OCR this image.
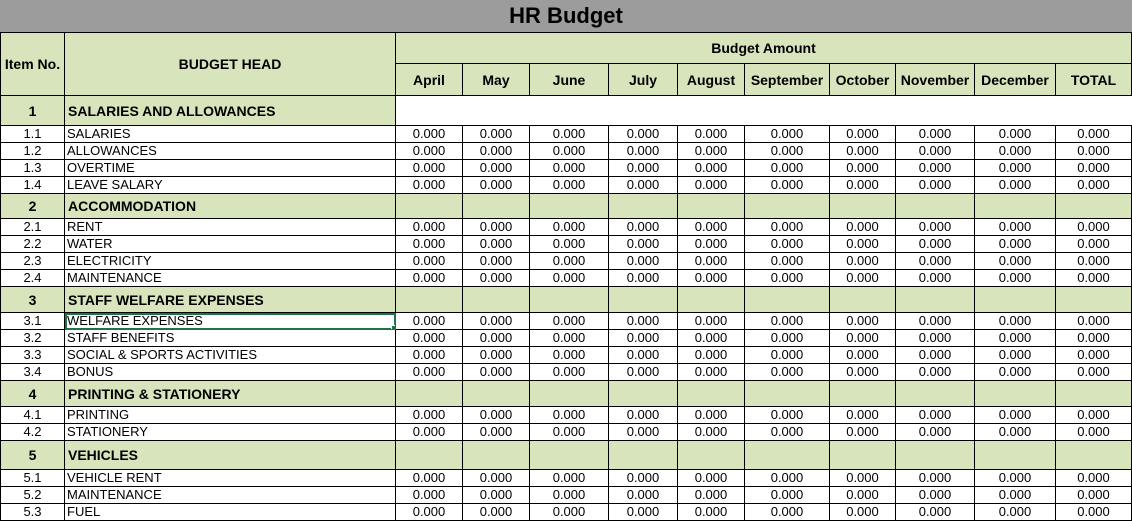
HR Budget
Item No.	BUDGET HEAD	Budget Amount									
		April	May	June	July	August	September	October	November	December	TOTAL
1	SALARIES AND ALLOWANCES										
1.1	SALARIES	0.000	0.000	0.000	0.000	0.000	0.000	0.000	0.000	0.000	0.000
1.2	ALLOWANCES	0.000	0.000	0.000	0.000	0.000	0.000	0.000	0.000	0.000	0.000
1.3	OVERTIME	0.000	0.000	0.000	0.000	0.000	0.000	0.000	0.000	0.000	0.000
1.4	LEAVE SALARY	0.000	0.000	0.000	0.000	0.000	0.000	0.000	0.000	0.000	0.000
2	ACCOMMODATION										
2.1	RENT	0.000	0.000	0.000	0.000	0.000	0.000	0.000	0.000	0.000	0.000
2.2	WATER	0.000	0.000	0.000	0.000	0.000	0.000	0.000	0.000	0.000	0.000
2.3	ELECTRICITY	0.000	0.000	0.000	0.000	0.000	0.000	0.000	0.000	0.000	0.000
2.4	MAINTENANCE	0.000	0.000	0.000	0.000	0.000	0.000	0.000	0.000	0.000	0.000
3	STAFF WELFARE EXPENSES										
3.1	WELFARE EXPENSES	0.000	0.000	0.000	0.000	0.000	0.000	0.000	0.000	0.000	0.000
3.2	STAFF BENEFITS	0.000	0.000	0.000	0.000	0.000	0.000	0.000	0.000	0.000	0.000
3.3	SOCIAL & SPORTS ACTIVITIES	0.000	0.000	0.000	0.000	0.000	0.000	0.000	0.000	0.000	0.000
3.4	BONUS	0.000	0.000	0.000	0.000	0.000	0.000	0.000	0.000	0.000	0.000
4	PRINTING & STATIONERY										
4.1	PRINTING	0.000	0.000	0.000	0.000	0.000	0.000	0.000	0.000	0.000	0.000
4.2	STATIONERY	0.000	0.000	0.000	0.000	0.000	0.000	0.000	0.000	0.000	0.000
5	VEHICLES										
5.1	VEHICLE RENT	0.000	0.000	0.000	0.000	0.000	0.000	0.000	0.000	0.000	0.000
5.2	MAINTENANCE	0.000	0.000	0.000	0.000	0.000	0.000	0.000	0.000	0.000	0.000
5.3	FUEL	0.000	0.000	0.000	0.000	0.000	0.000	0.000	0.000	0.000	0.000
